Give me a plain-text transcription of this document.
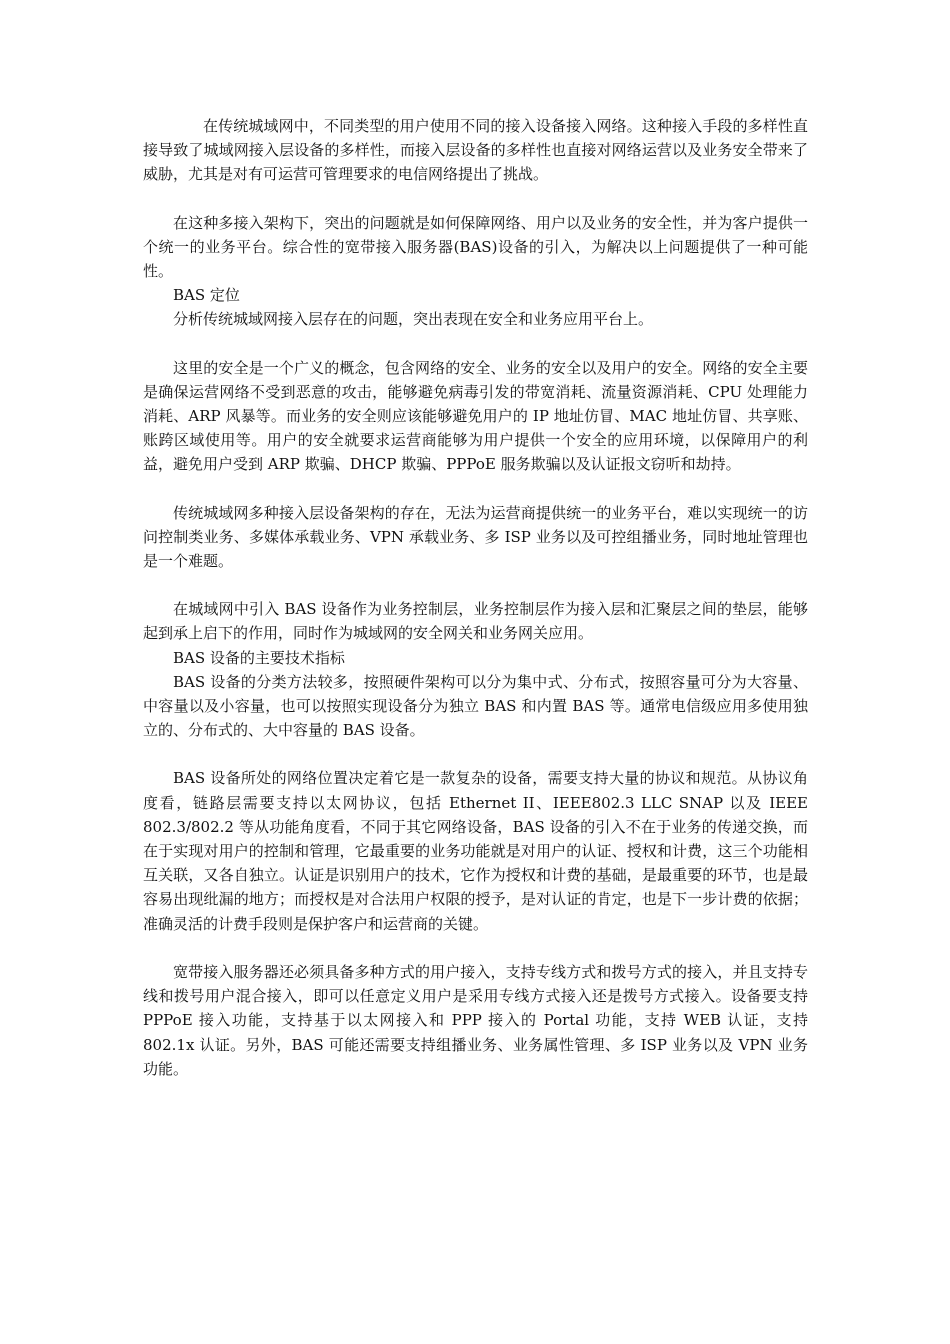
在传统城域网中，不同类型的用户使用不同的接入设备接入网络。这种接入手段的多样性直接导致了城域网接入层设备的多样性，而接入层设备的多样性也直接对网络运营以及业务安全带来了威胁，尤其是对有可运营可管理要求的电信网络提出了挑战。

在这种多接入架构下，突出的问题就是如何保障网络、用户以及业务的安全性，并为客户提供一个统一的业务平台。综合性的宽带接入服务器(BAS)设备的引入，为解决以上问题提供了一种可能性。

BAS 定位

分析传统城域网接入层存在的问题，突出表现在安全和业务应用平台上。

这里的安全是一个广义的概念，包含网络的安全、业务的安全以及用户的安全。网络的安全主要是确保运营网络不受到恶意的攻击，能够避免病毒引发的带宽消耗、流量资源消耗、CPU 处理能力消耗、ARP 风暴等。而业务的安全则应该能够避免用户的 IP 地址仿冒、MAC 地址仿冒、共享账、账跨区域使用等。用户的安全就要求运营商能够为用户提供一个安全的应用环境，以保障用户的利益，避免用户受到 ARP 欺骗、DHCP 欺骗、PPPoE 服务欺骗以及认证报文窃听和劫持。

传统城域网多种接入层设备架构的存在，无法为运营商提供统一的业务平台，难以实现统一的访问控制类业务、多媒体承载业务、VPN 承载业务、多 ISP 业务以及可控组播业务，同时地址管理也是一个难题。

在城域网中引入 BAS 设备作为业务控制层，业务控制层作为接入层和汇聚层之间的垫层，能够起到承上启下的作用，同时作为城域网的安全网关和业务网关应用。

BAS 设备的主要技术指标

BAS 设备的分类方法较多，按照硬件架构可以分为集中式、分布式，按照容量可分为大容量、中容量以及小容量，也可以按照实现设备分为独立 BAS 和内置 BAS 等。通常电信级应用多使用独立的、分布式的、大中容量的 BAS 设备。

BAS 设备所处的网络位置决定着它是一款复杂的设备，需要支持大量的协议和规范。从协议角度看，链路层需要支持以太网协议，包括 Ethernet II、IEEE802.3 LLC SNAP 以及 IEEE 802.3/802.2 等从功能角度看，不同于其它网络设备，BAS 设备的引入不在于业务的传递交换，而在于实现对用户的控制和管理，它最重要的业务功能就是对用户的认证、授权和计费，这三个功能相互关联，又各自独立。认证是识别用户的技术，它作为授权和计费的基础，是最重要的环节，也是最容易出现纰漏的地方；而授权是对合法用户权限的授予，是对认证的肯定，也是下一步计费的依据；准确灵活的计费手段则是保护客户和运营商的关键。

宽带接入服务器还必须具备多种方式的用户接入，支持专线方式和拨号方式的接入，并且支持专线和拨号用户混合接入，即可以任意定义用户是采用专线方式接入还是拨号方式接入。设备要支持 PPPoE 接入功能，支持基于以太网接入和 PPP 接入的 Portal 功能，支持 WEB 认证，支持 802.1x 认证。另外，BAS 可能还需要支持组播业务、业务属性管理、多 ISP 业务以及 VPN 业务功能。
